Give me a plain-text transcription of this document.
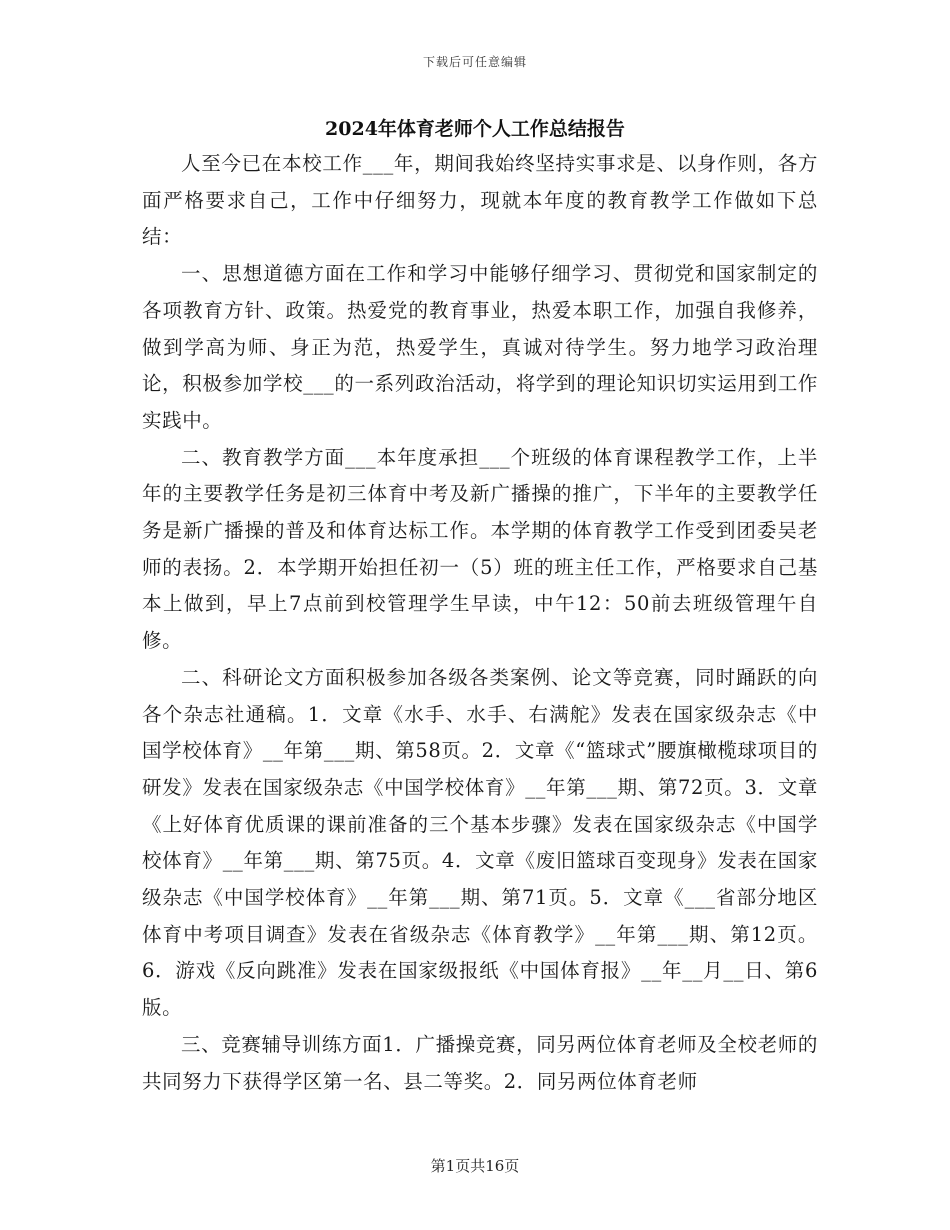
下载后可任意编辑
2024年体育老师个人工作总结报告

人至今已在本校工作___年，期间我始终坚持实事求是、以身作则，各方面严格要求自己，工作中仔细努力，现就本年度的教育教学工作做如下总结：

一、思想道德方面在工作和学习中能够仔细学习、贯彻党和国家制定的各项教育方针、政策。热爱党的教育事业，热爱本职工作，加强自我修养，做到学高为师、身正为范，热爱学生，真诚对待学生。努力地学习政治理论，积极参加学校___的一系列政治活动，将学到的理论知识切实运用到工作实践中。

二、教育教学方面___本年度承担___个班级的体育课程教学工作，上半年的主要教学任务是初三体育中考及新广播操的推广，下半年的主要教学任务是新广播操的普及和体育达标工作。本学期的体育教学工作受到团委吴老师的表扬。2．本学期开始担任初一（5）班的班主任工作，严格要求自己基本上做到，早上7点前到校管理学生早读，中午12：50前去班级管理午自修。

二、科研论文方面积极参加各级各类案例、论文等竞赛，同时踊跃的向各个杂志社通稿。1．文章《水手、水手、右满舵》发表在国家级杂志《中国学校体育》__年第___期、第58页。2．文章《“篮球式”腰旗橄榄球项目的研发》发表在国家级杂志《中国学校体育》__年第___期、第72页。3．文章《上好体育优质课的课前准备的三个基本步骤》发表在国家级杂志《中国学校体育》__年第___期、第75页。4．文章《废旧篮球百变现身》发表在国家级杂志《中国学校体育》__年第___期、第71页。5．文章《___省部分地区体育中考项目调查》发表在省级杂志《体育教学》__年第___期、第12页。6．游戏《反向跳准》发表在国家级报纸《中国体育报》__年__月__日、第6版。

三、竞赛辅导训练方面1．广播操竞赛，同另两位体育老师及全校老师的共同努力下获得学区第一名、县二等奖。2．同另两位体育老师

第1页共16页
